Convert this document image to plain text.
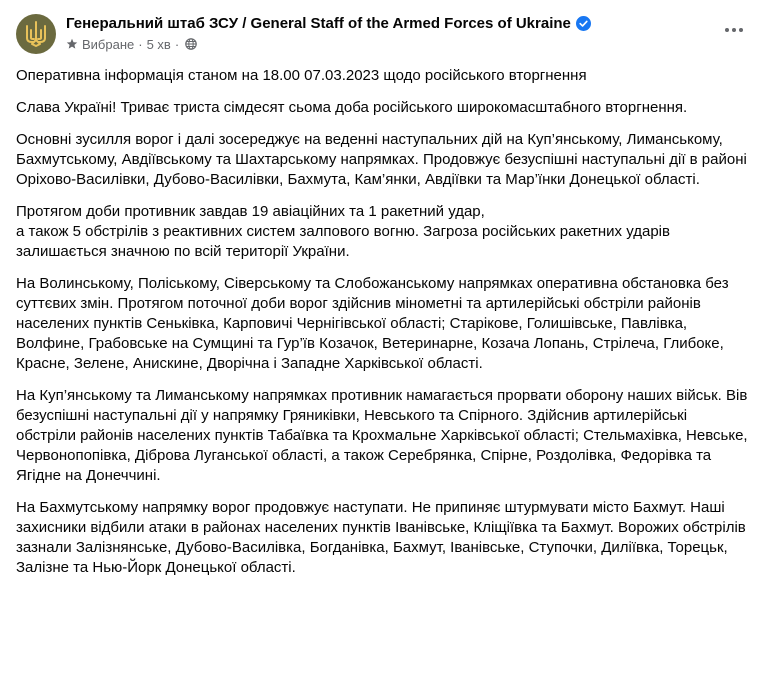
Генеральний штаб ЗСУ / General Staff of the Armed Forces of Ukraine
Вибране · 5 хв ·

Оперативна інформація станом на 18.00 07.03.2023 щодо російського вторгнення

Слава Україні! Триває триста сімдесят сьома доба російського широкомасштабного вторгнення.

Основні зусилля ворог і далі зосереджує на веденні наступальних дій на Куп’янському, Лиманському, Бахмутському, Авдіївському та Шахтарському напрямках. Продовжує безуспішні наступальні дії в районі Оріхово-Василівки, Дубово-Василівки, Бахмута, Кам’янки, Авдіївки та Мар’їнки Донецької області.

Протягом доби противник завдав 19 авіаційних та 1 ракетний удар,
а також 5 обстрілів з реактивних систем залпового вогню. Загроза російських ракетних ударів залишається значною по всій території України.

На Волинському, Поліському, Сіверському та Слобожанському напрямках оперативна обстановка без суттєвих змін. Протягом поточної доби ворог здійснив мінометні та артилерійські обстріли районів населених пунктів Сеньківка, Карповичі Чернігівської області; Старікове, Голишівське, Павлівка, Волфине, Грабовське на Сумщині та Гур’їв Козачок, Ветеринарне, Козача Лопань, Стрілеча, Глибоке, Красне, Зелене, Анискине, Дворічна і Западне Харківської області.

На Куп’янському та Лиманському напрямках противник намагається прорвати оборону наших військ. Вів безуспішні наступальні дії у напрямку Гряниківки, Невського та Спірного. Здійснив артилерійські обстріли районів населених пунктів Табаївка та Крохмальне Харківської області; Стельмахівка, Невське, Червонопопівка, Діброва Луганської області, а також Серебрянка, Спірне, Роздолівка, Федорівка та Ягідне на Донеччині.

На Бахмутському напрямку ворог продовжує наступати. Не припиняє штурмувати місто Бахмут. Наші захисники відбили атаки в районах населених пунктів Іванівське, Кліщіївка та Бахмут. Ворожих обстрілів зазнали Залізнянське, Дубово-Василівка, Богданівка, Бахмут, Іванівське, Ступочки, Диліївка, Торецьк, Залізне та Нью-Йорк Донецької області.
